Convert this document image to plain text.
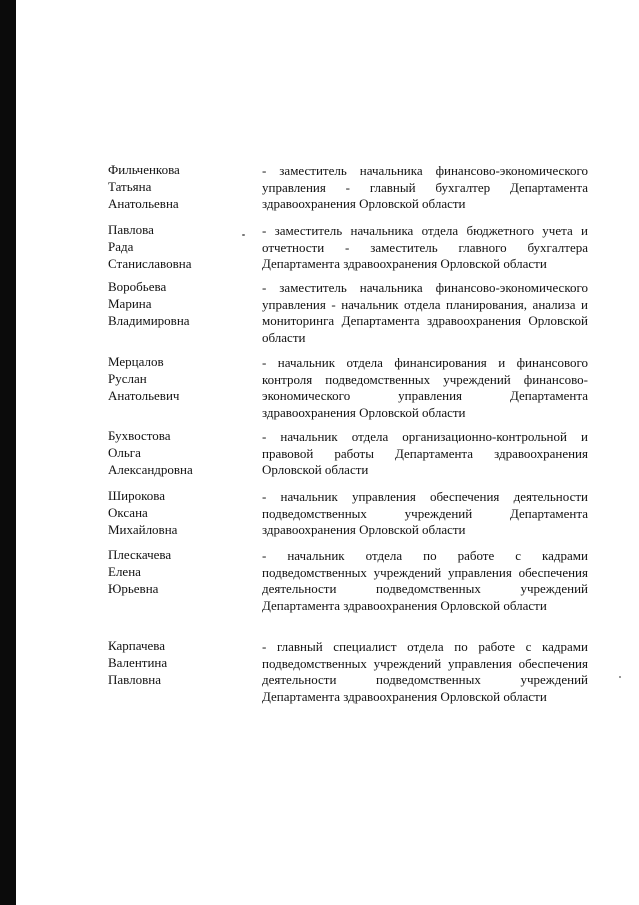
Фильченкова
Татьяна
Анатольевна
- заместитель начальника финансово-экономического управления - главный бухгалтер Департамента здравоохранения Орловской области
Павлова
Рада
Станиславовна
- заместитель начальника отдела бюджетного учета и отчетности - заместитель главного бухгалтера Департамента здравоохранения Орловской области
Воробьева
Марина
Владимировна
- заместитель начальника финансово-экономического управления - начальник отдела планирования, анализа и мониторинга Департамента здравоохранения Орловской области
Мерцалов
Руслан
Анатольевич
- начальник отдела финансирования и финансового контроля подведомственных учреждений финансово-экономического управления Департамента здравоохранения Орловской области
Бухвостова
Ольга
Александровна
- начальник отдела организационно-контрольной и правовой работы Департамента здравоохранения Орловской области
Широкова
Оксана
Михайловна
- начальник управления обеспечения деятельности подведомственных учреждений Департамента здравоохранения Орловской области
Плескачева
Елена
Юрьевна
- начальник отдела по работе с кадрами подведомственных учреждений управления обеспечения деятельности подведомственных учреждений Департамента здравоохранения Орловской области
Карпачева
Валентина
Павловна
- главный специалист отдела по работе с кадрами подведомственных учреждений управления обеспечения деятельности подведомственных учреждений Департамента здравоохранения Орловской области
